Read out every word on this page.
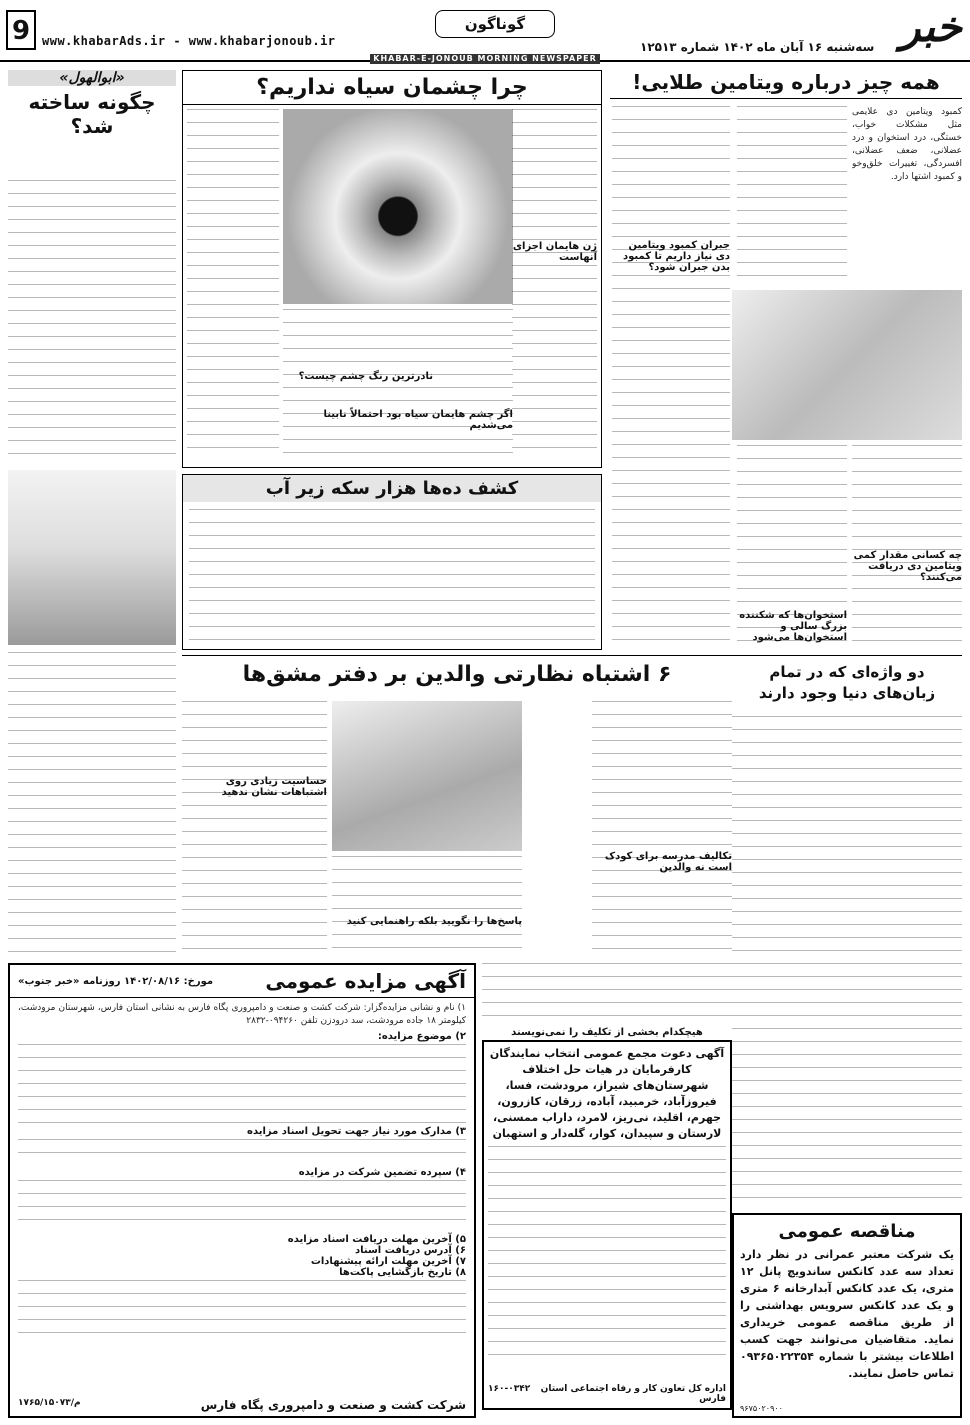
9 www.khabarAds.ir - www.khabarjonoub.ir
گوناگون	خبر
سه‌شنبه ۱۶ آبان ماه ۱۴۰۲ شماره ۱۲۵۱۳
KHABAR-E-JONOUB MORNING NEWSPAPER
همه چیز درباره ویتامین طلایی!
کمبود ویتامین دی علایمی مثل مشکلات خواب، خستگی، درد استخوان و درد عضلانی، ضعف عضلانی، افسردگی، تغییرات خلق‌وخو و کمبود اشتها دارد.
جبران کمبود ویتامین دی نیاز داریم تا کمبود بدن جبران شود؟
چه کسانی مقدار کمی ویتامین دی دریافت می‌کنند؟
استخوان‌ها که شکننده بزرگ سالی و استخوان‌ها می‌شود
چرا چشمان سیاه نداریم؟
ژن هایمان اجزای آنهاست
نادرترین رنگ چشم چیست؟
اگر چشم هایمان سیاه بود احتمالاً نابینا می‌شدیم
«ابوالهول»
چگونه ساخته شد؟
کشف ده‌ها هزار سکه زیر آب
دو واژه‌ای که در تمام زبان‌های دنیا وجود دارند
۶ اشتباه نظارتی والدین بر دفتر مشق‌ها
تکالیف مدرسه برای کودک است نه والدین
حساسیت زیادی روی اشتباهات نشان ندهید
پاسخ‌ها را نگویید بلکه راهنمایی کنید
آگهی مزایده عمومی
مورخ: ۱۴۰۲/۰۸/۱۶ روزنامه «خبر جنوب»
۱) نام و نشانی مزایده‌گزار: شرکت کشت و صنعت و دامپروری پگاه فارس به نشانی استان فارس، شهرستان مرودشت، کیلومتر ۱۸ جاده مرودشت، سد درودزن تلفن ۰۹۴۲۶۰-۲۸۳۲
۲) موضوع مزایده:
۳) مدارک مورد نیاز جهت تحویل اسناد مزایده
۴) سپرده تضمین شرکت در مزایده
۵) آخرین مهلت دریافت اسناد مزایده
۶) آدرس دریافت اسناد
۷) آخرین مهلت ارائه پیشنهادات
۸) تاریخ بازگشایی پاکت‌ها
شرکت کشت و صنعت و دامپروری پگاه فارس
۱۷۶۵/م/۱۵۰۷۳
هیچکدام بخشی از تکلیف را نمی‌نویسند
آگهی دعوت مجمع عمومی انتخاب نمایندگان کارفرمایان در هیات حل اختلاف شهرستان‌های شیراز، مرودشت، فسا، فیروزآباد، خرمبید، آباده، زرقان، کازرون، جهرم، اقلید، نی‌ریز، لامرد، داراب ممسنی، لارستان و سپیدان، کوار، گله‌دار و استهبان
اداره کل تعاون کار و رفاه اجتماعی استان فارس
۱۶۰-۰۳۴۲
مناقصه عمومی
یک شرکت معتبر عمرانی در نظر دارد تعداد سه عدد کانکس ساندویچ پانل ۱۲ متری، یک عدد کانکس آبدارخانه ۶ متری و یک عدد کانکس سرویس بهداشتی را از طریق مناقصه عمومی خریداری نماید. متقاضیان می‌توانند جهت کسب اطلاعات بیشتر با شماره ۰۹۳۶۵۰۲۲۳۵۴ تماس حاصل نمایند.
۹۶۷۵۰۲۰۹۰۰
